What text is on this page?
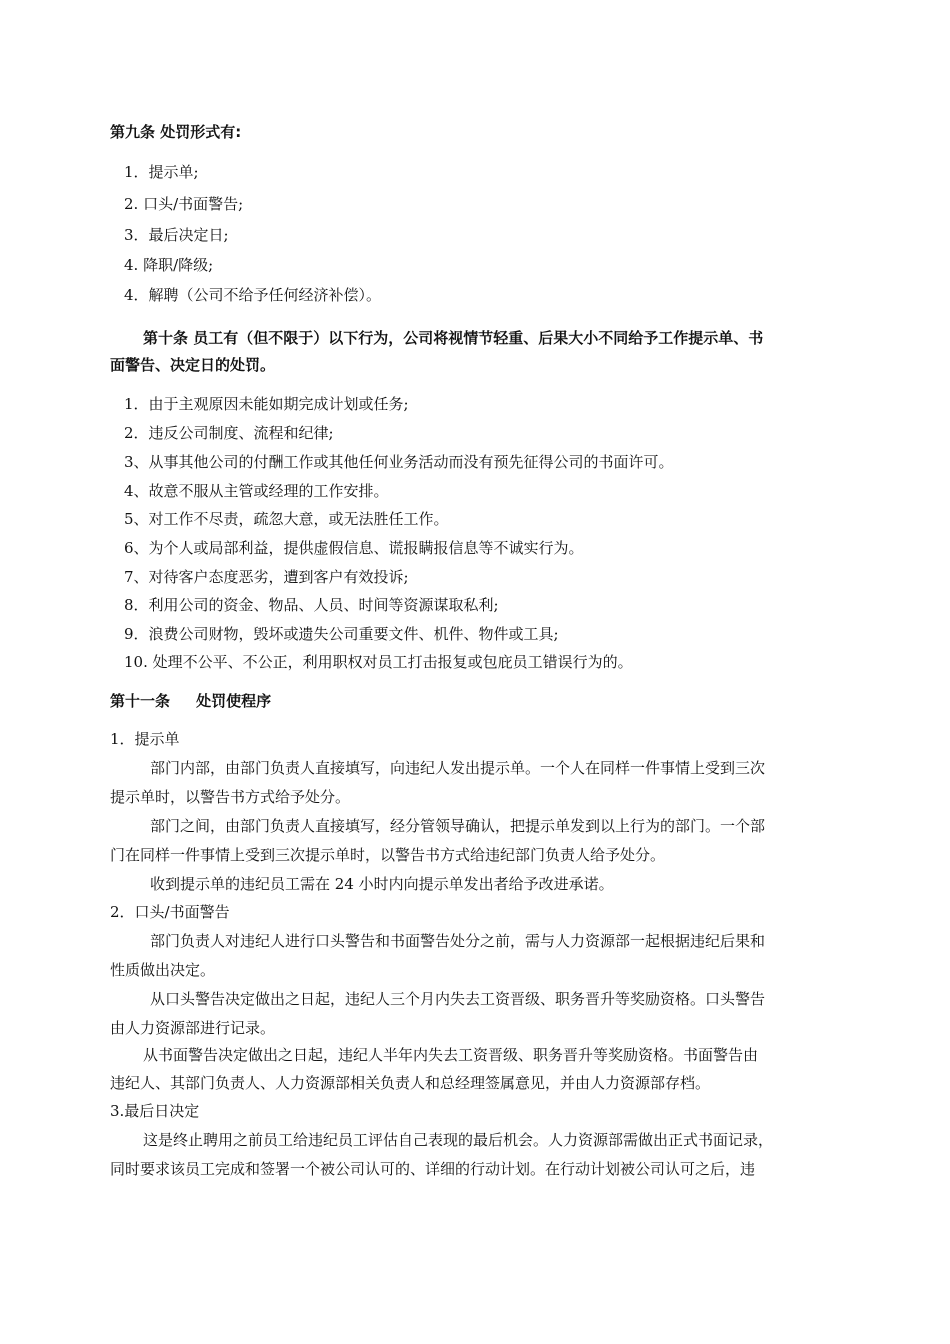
第九条 处罚形式有:
1．提示单;
2. 口头/书面警告;
3．最后决定日;
4. 降职/降级;
4．解聘（公司不给予任何经济补偿）。
第十条 员工有（但不限于）以下行为，公司将视情节轻重、后果大小不同给予工作提示单、书
面警告、决定日的处罚。
1．由于主观原因未能如期完成计划或任务;
2．违反公司制度、流程和纪律;
3、从事其他公司的付酬工作或其他任何业务活动而没有预先征得公司的书面许可。
4、故意不服从主管或经理的工作安排。
5、对工作不尽责，疏忽大意，或无法胜任工作。
6、为个人或局部利益，提供虚假信息、谎报瞒报信息等不诚实行为。
7、对待客户态度恶劣，遭到客户有效投诉;
8．利用公司的资金、物品、人员、时间等资源谋取私利;
9．浪费公司财物，毁坏或遗失公司重要文件、机件、物件或工具;
10. 处理不公平、不公正，利用职权对员工打击报复或包庇员工错误行为的。
第十一条     处罚使程序
1．提示单
部门内部，由部门负责人直接填写，向违纪人发出提示单。一个人在同样一件事情上受到三次
提示单时，以警告书方式给予处分。
部门之间，由部门负责人直接填写，经分管领导确认，把提示单发到以上行为的部门。一个部
门在同样一件事情上受到三次提示单时，以警告书方式给违纪部门负责人给予处分。
收到提示单的违纪员工需在 24 小时内向提示单发出者给予改进承诺。
2．口头/书面警告
部门负责人对违纪人进行口头警告和书面警告处分之前，需与人力资源部一起根据违纪后果和
性质做出决定。
从口头警告决定做出之日起，违纪人三个月内失去工资晋级、职务晋升等奖励资格。口头警告
由人力资源部进行记录。
从书面警告决定做出之日起，违纪人半年内失去工资晋级、职务晋升等奖励资格。书面警告由
违纪人、其部门负责人、人力资源部相关负责人和总经理签属意见，并由人力资源部存档。
3.最后日决定
这是终止聘用之前员工给违纪员工评估自己表现的最后机会。人力资源部需做出正式书面记录，
同时要求该员工完成和签署一个被公司认可的、详细的行动计划。在行动计划被公司认可之后，违
